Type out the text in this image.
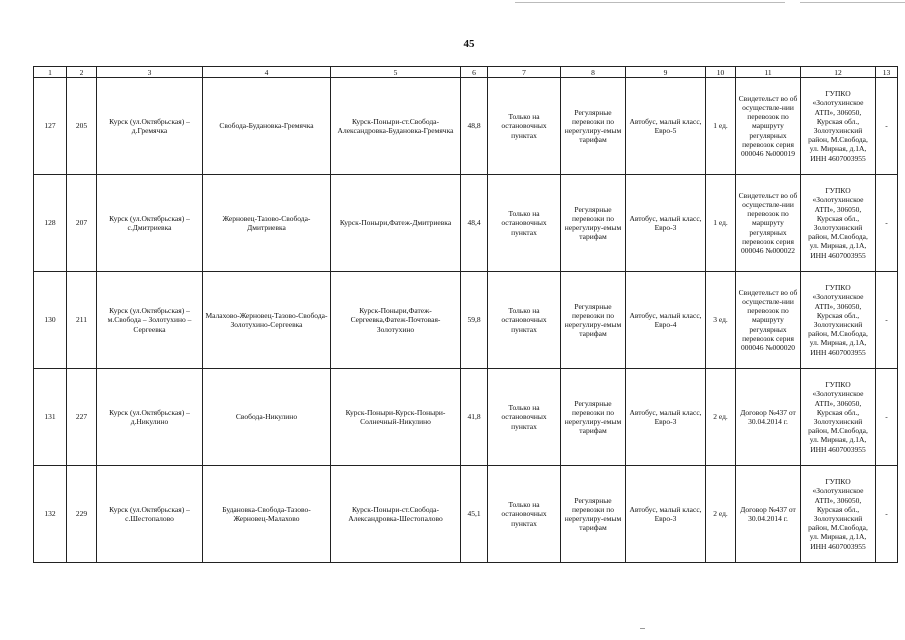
45
1	2	3	4	5	6	7	8	9	10	11	12	13
127	205	Курск (ул.Октябрьская) – д.Гремячка	Свобода-Будановка-Гремячка	Курск-Поныри-ст.Свобода-Александровка-Будановка-Гремячка	48,8	Только на остановочных пунктах	Регулярные перевозки по нерегулиру-емым тарифам	Автобус, малый класс, Евро-5	1 ед.	Свидетельст во об осуществле-нии перевозок по маршруту регулярных перевозок серия 000046 №000019	ГУПКО «Золотухинское АТП», 306050, Курская обл., Золотухинский район, М.Свобода, ул. Мирная, д.1А, ИНН 4607003955	-
128	207	Курск (ул.Октябрьская) – с.Дмитриевка	Жерновец-Тазово-Свобода-Дмитриевка	Курск-Поныри,Фатеж-Дмитриевка	48,4	Только на остановочных пунктах	Регулярные перевозки по нерегулиру-емым тарифам	Автобус, малый класс, Евро-3	1 ед.	Свидетельст во об осуществле-нии перевозок по маршруту регулярных перевозок серия 000046 №000022	ГУПКО «Золотухинское АТП», 306050, Курская обл., Золотухинский район, М.Свобода, ул. Мирная, д.1А, ИНН 4607003955	-
130	211	Курск (ул.Октябрьская) – м.Свобода – Золотухино – Сергеевка	Малахово-Жерновец-Тазово-Свобода-Золотухино-Сергеевка	Курск-Поныри,Фатеж-Сергеевка,Фатеж-Почтовая-Золотухино	59,8	Только на остановочных пунктах	Регулярные перевозки по нерегулиру-емым тарифам	Автобус, малый класс, Евро-4	3 ед.	Свидетельст во об осуществле-нии перевозок по маршруту регулярных перевозок серия 000046 №000020	ГУПКО «Золотухинское АТП», 306050, Курская обл., Золотухинский район, М.Свобода, ул. Мирная, д.1А, ИНН 4607003955	-
131	227	Курск (ул.Октябрьская) – д.Никулино	Свобода-Никулино	Курск-Поныри-Курск-Поныри-Солнечный-Никулино	41,8	Только на остановочных пунктах	Регулярные перевозки по нерегулиру-емым тарифам	Автобус, малый класс, Евро-3	2 ед.	Договор №437 от 30.04.2014 г.	ГУПКО «Золотухинское АТП», 306050, Курская обл., Золотухинский район, М.Свобода, ул. Мирная, д.1А, ИНН 4607003955	-
132	229	Курск (ул.Октябрьская) – с.Шестопалово	Будановка-Свобода-Тазово-Жерновец-Малахово	Курск-Поныри-ст.Свобода-Александровка-Шестопалово	45,1	Только на остановочных пунктах	Регулярные перевозки по нерегулиру-емым тарифам	Автобус, малый класс, Евро-3	2 ед.	Договор №437 от 30.04.2014 г.	ГУПКО «Золотухинское АТП», 306050, Курская обл., Золотухинский район, М.Свобода, ул. Мирная, д.1А, ИНН 4607003955	-
